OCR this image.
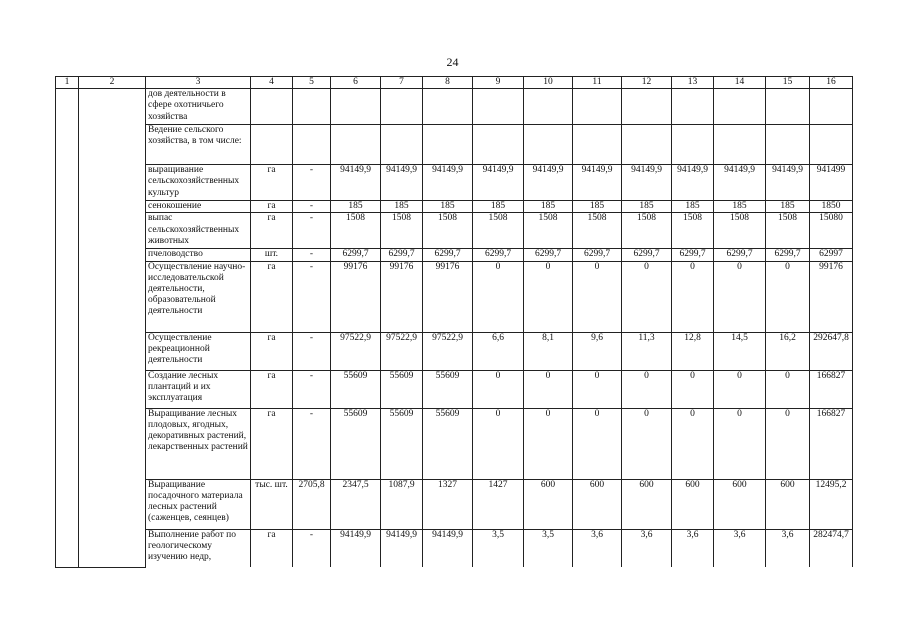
24
1	2	3	4	5	6	7	8	9	10	11	12	13	14	15	16
		дов деятельности в сфере охотничьего хозяйства													
		Ведение сельского хозяйства, в том числе:													
		выращивание сельскохозяйственных культур	га	-	94149,9	94149,9	94149,9	94149,9	94149,9	94149,9	94149,9	94149,9	94149,9	94149,9	941499
		сенокошение	га	-	185	185	185	185	185	185	185	185	185	185	1850
		выпас сельскохозяйственных животных	га	-	1508	1508	1508	1508	1508	1508	1508	1508	1508	1508	15080
		пчеловодство	шт.	-	6299,7	6299,7	6299,7	6299,7	6299,7	6299,7	6299,7	6299,7	6299,7	6299,7	62997
		Осуществление научно-исследовательской деятельности, образовательной деятельности	га	-	99176	99176	99176	0	0	0	0	0	0	0	99176
		Осуществление рекреационной деятельности	га	-	97522,9	97522,9	97522,9	6,6	8,1	9,6	11,3	12,8	14,5	16,2	292647,8
		Создание лесных плантаций и их эксплуатация	га	-	55609	55609	55609	0	0	0	0	0	0	0	166827
		Выращивание лесных плодовых, ягодных, декоративных растений, лекарственных растений	га	-	55609	55609	55609	0	0	0	0	0	0	0	166827
		Выращивание посадочного материала лесных растений (саженцев, сеянцев)	тыс. шт.	2705,8	2347,5	1087,9	1327	1427	600	600	600	600	600	600	12495,2
		Выполнение работ по геологическому изучению недр,	га	-	94149,9	94149,9	94149,9	3,5	3,5	3,6	3,6	3,6	3,6	3,6	282474,7
